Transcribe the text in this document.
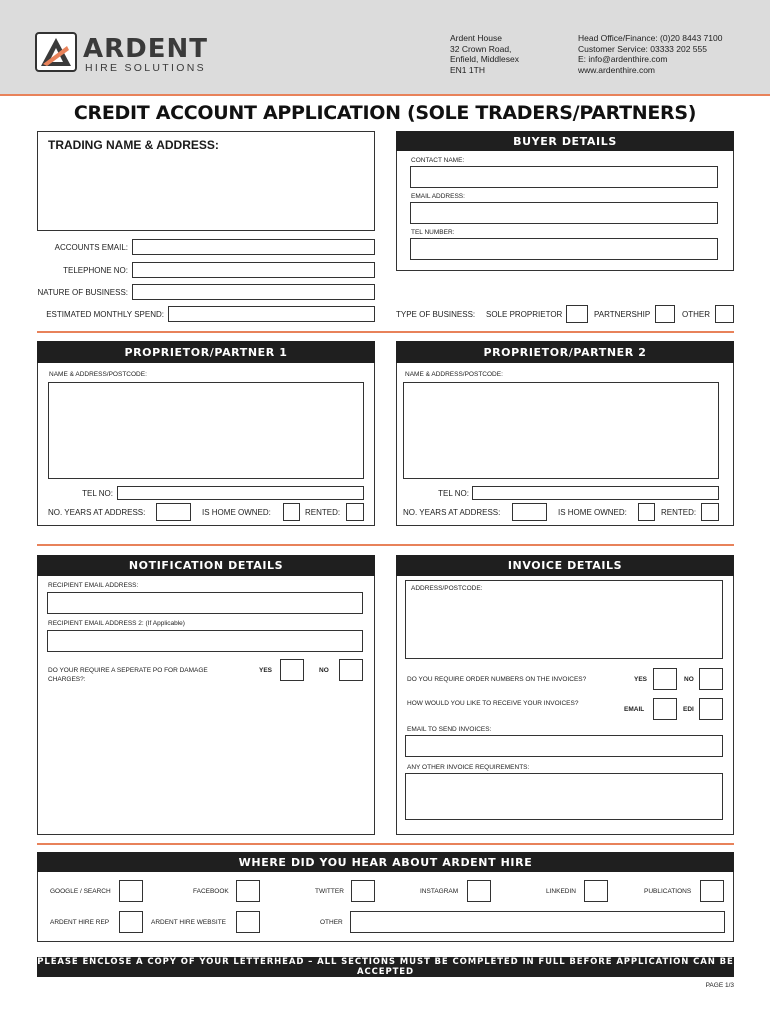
ARDENT
HIRE SOLUTIONS
Ardent House
32 Crown Road,
Enfield, Middlesex
EN1 1TH
Head Office/Finance: (0)20 8443 7100
Customer Service: 03333 202 555
E: info@ardenthire.com
www.ardenthire.com
CREDIT ACCOUNT APPLICATION (SOLE TRADERS/PARTNERS)
TRADING NAME & ADDRESS:
ACCOUNTS EMAIL:
TELEPHONE NO:
NATURE OF BUSINESS:
ESTIMATED MONTHLY SPEND:
BUYER DETAILS
CONTACT NAME:
EMAIL ADDRESS:
TEL NUMBER:
TYPE OF BUSINESS: SOLE PROPRIETOR	PARTNERSHIP	OTHER
PROPRIETOR/PARTNER 1
NAME & ADDRESS/POSTCODE:
TEL NO:
NO. YEARS AT ADDRESS:	IS HOME OWNED:	RENTED:
PROPRIETOR/PARTNER 2
NAME & ADDRESS/POSTCODE:
TEL NO:
NO. YEARS AT ADDRESS:	IS HOME OWNED:	RENTED:
NOTIFICATION DETAILS
RECIPIENT EMAIL ADDRESS:
RECIPIENT EMAIL ADDRESS 2: (If Applicable)
DO YOUR REQUIRE A SEPERATE PO FOR DAMAGE CHARGES?:
YES	NO
INVOICE DETAILS
ADDRESS/POSTCODE:
DO YOU REQUIRE ORDER NUMBERS ON THE INVOICES?	YES	NO
HOW WOULD YOU LIKE TO RECEIVE YOUR INVOICES?
EMAIL	EDI
EMAIL TO SEND INVOICES:
ANY OTHER INVOICE REQUIREMENTS:
WHERE DID YOU HEAR ABOUT ARDENT HIRE
GOOGLE / SEARCH	FACEBOOK	TWITTER	INSTAGRAM	LINKEDIN	PUBLICATIONS
ARDENT HIRE REP	ARDENT HIRE WEBSITE	OTHER
PLEASE ENCLOSE A COPY OF YOUR LETTERHEAD – ALL SECTIONS MUST BE COMPLETED IN FULL BEFORE APPLICATION CAN BE ACCEPTED
PAGE 1/3
